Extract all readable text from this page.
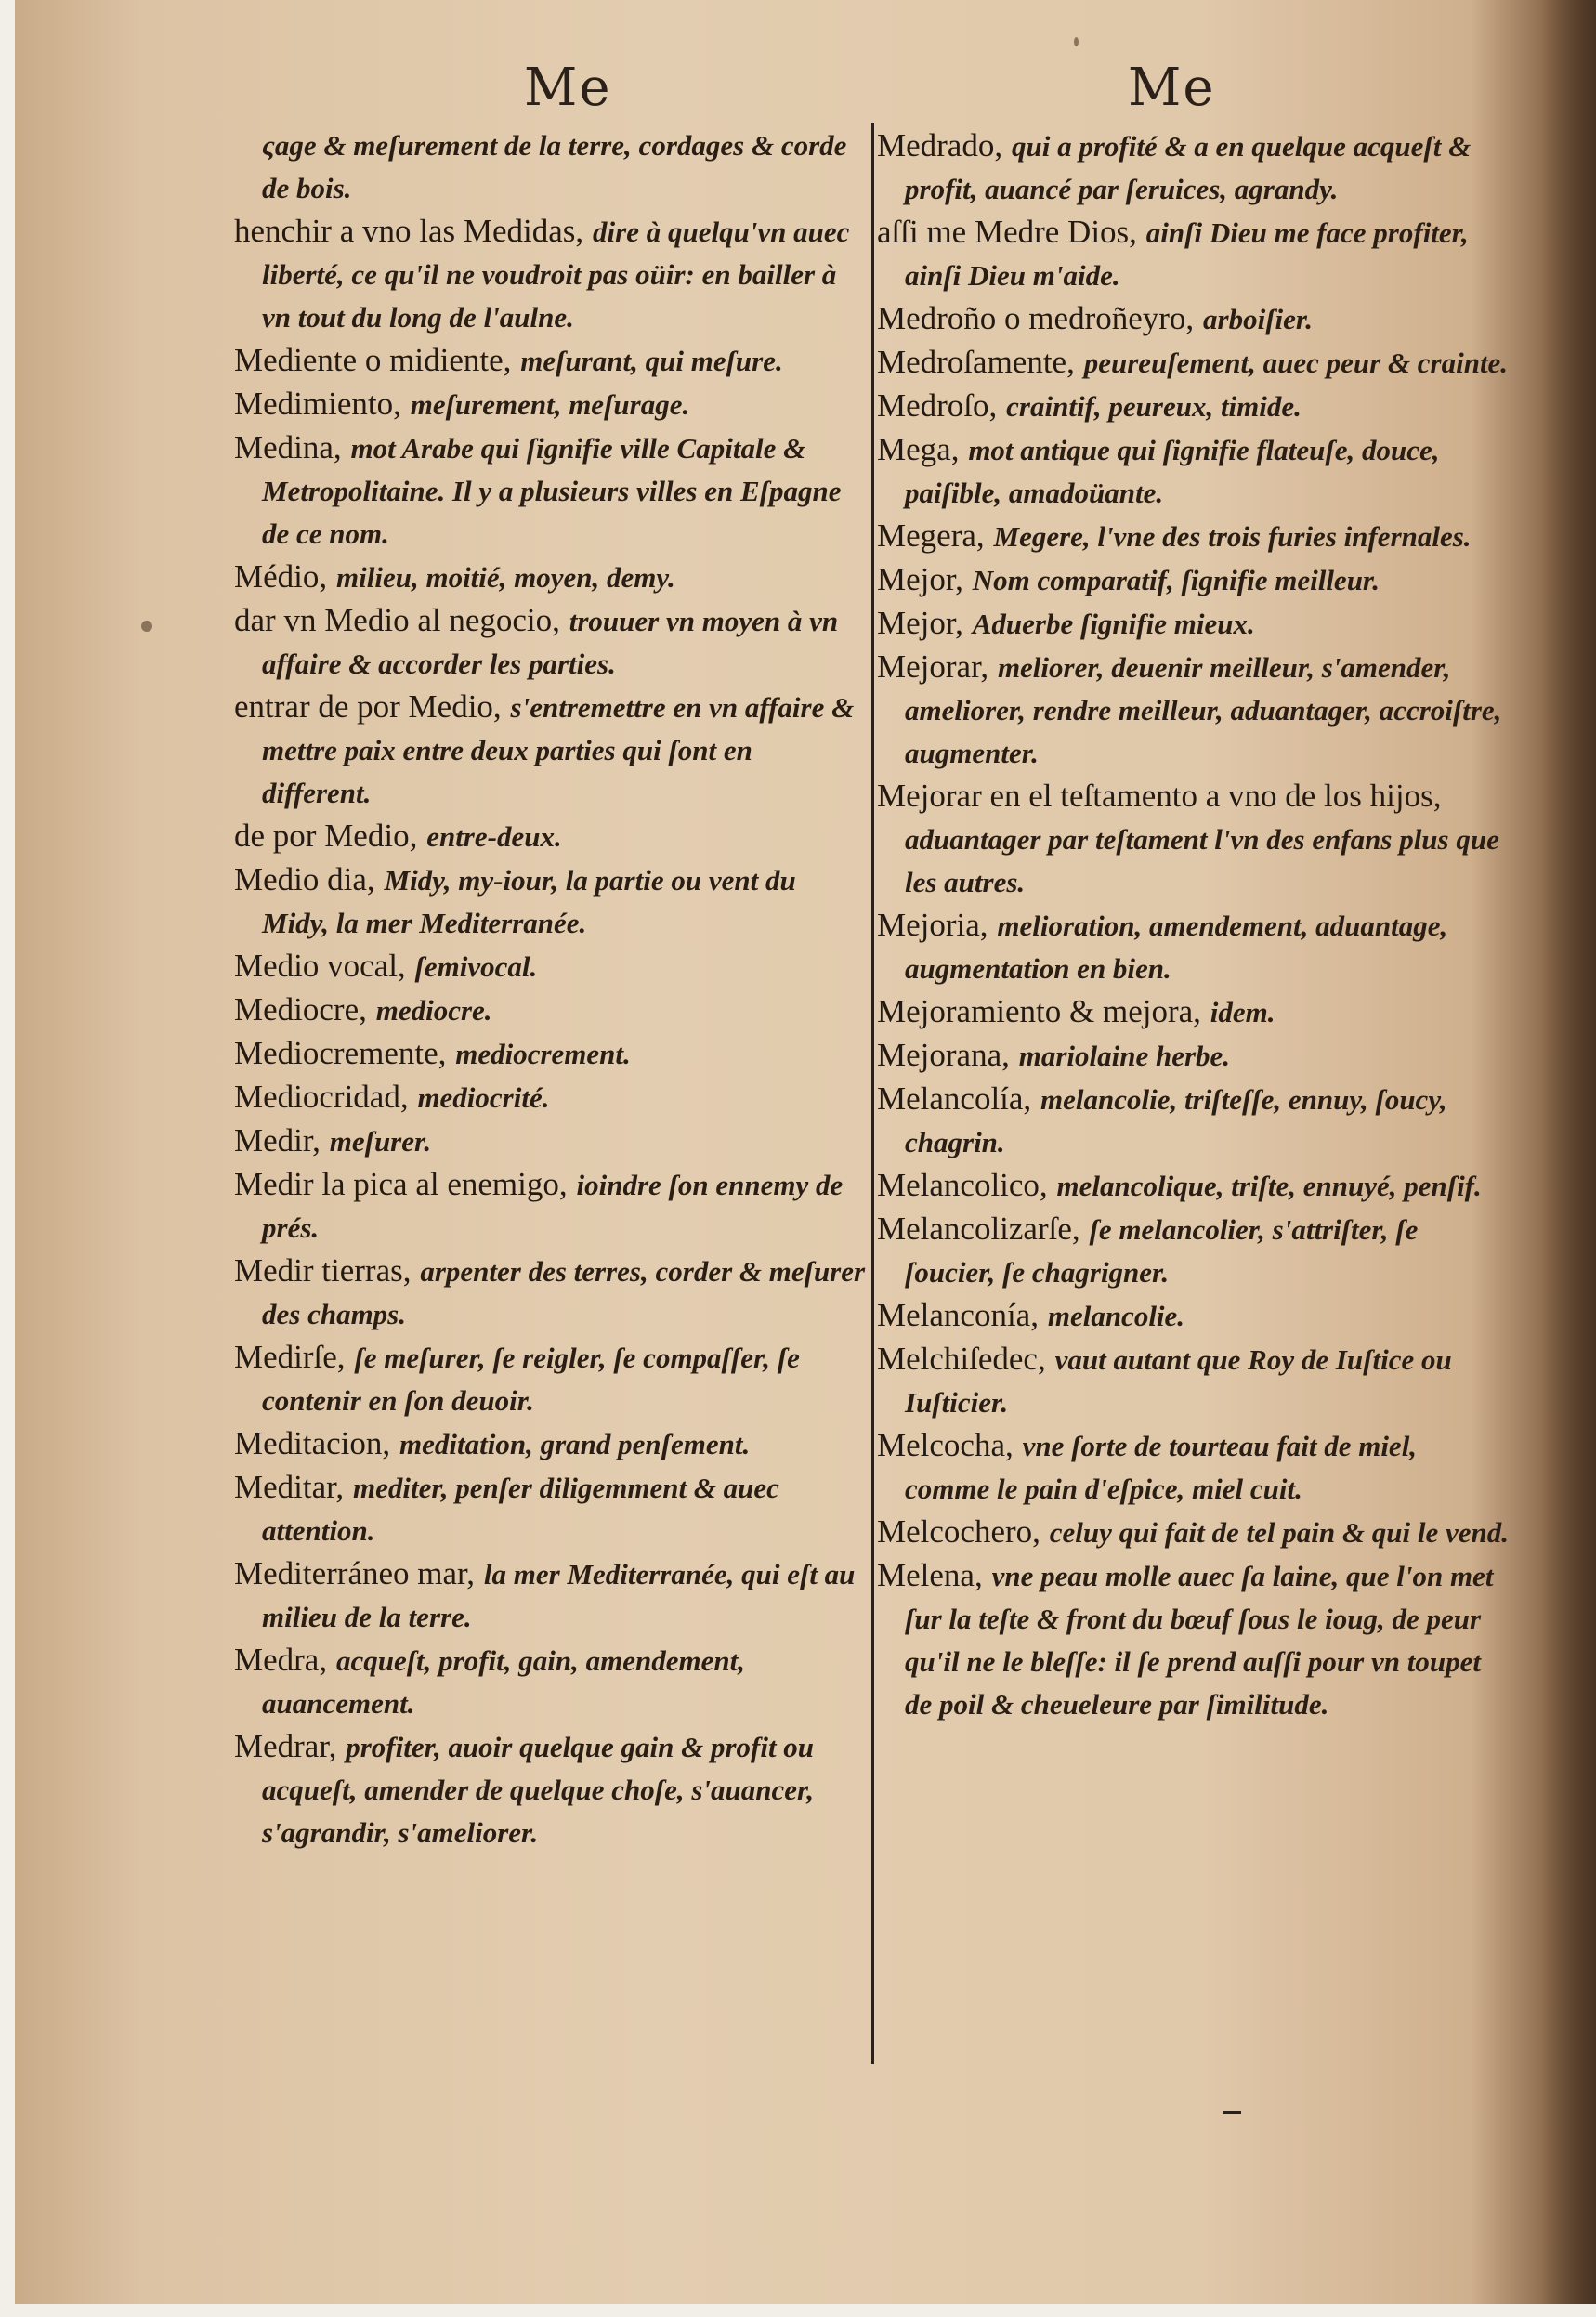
Me	Me

ςage & meſurement de la terre, cordages & corde de bois.

henchir a vno las Medidas, dire à quelqu'vn auec liberté, ce qu'il ne voudroit pas oüir: en bailler à vn tout du long de l'aulne.

Mediente o midiente, meſurant, qui meſure.

Medimiento, meſurement, meſurage.

Medina, mot Arabe qui ſignifie ville Capitale & Metropolitaine. Il y a plusieurs villes en Eſpagne de ce nom.

Médio, milieu, moitié, moyen, demy.

dar vn Medio al negocio, trouuer vn moyen à vn affaire & accorder les parties.

entrar de por Medio, s'entremettre en vn affaire & mettre paix entre deux parties qui ſont en different.

de por Medio, entre-deux.

Medio dia, Midy, my-iour, la partie ou vent du Midy, la mer Mediterranée.

Medio vocal, ſemivocal.

Mediocre, mediocre.

Mediocremente, mediocrement.

Mediocridad, mediocrité.

Medir, meſurer.

Medir la pica al enemigo, ioindre ſon ennemy de prés.

Medir tierras, arpenter des terres, corder & meſurer des champs.

Medirſe, ſe meſurer, ſe reigler, ſe compaſſer, ſe contenir en ſon deuoir.

Meditacion, meditation, grand penſement.

Meditar, mediter, penſer diligemment & auec attention.

Mediterráneo mar, la mer Mediterranée, qui eſt au milieu de la terre.

Medra, acqueſt, profit, gain, amendement, auancement.

Medrar, profiter, auoir quelque gain & profit ou acqueſt, amender de quelque choſe, s'auancer, s'agrandir, s'ameliorer.

Medrado, qui a profité & a en quelque acqueſt & profit, auancé par ſeruices, agrandy.

aſſi me Medre Dios, ainſi Dieu me face profiter, ainſi Dieu m'aide.

Medroño o medroñeyro, arboiſier.

Medroſamente, peureuſement, auec peur & crainte.

Medroſo, craintif, peureux, timide.

Mega, mot antique qui ſignifie flateuſe, douce, paiſible, amadoüante.

Megera, Megere, l'vne des trois furies infernales.

Mejor, Nom comparatif, ſignifie meilleur.

Mejor, Aduerbe ſignifie mieux.

Mejorar, meliorer, deuenir meilleur, s'amender, ameliorer, rendre meilleur, aduantager, accroiſtre, augmenter.

Mejorar en el teſtamento a vno de los hijos, aduantager par teſtament l'vn des enfans plus que les autres.

Mejoria, melioration, amendement, aduantage, augmentation en bien.

Mejoramiento & mejora, idem.

Mejorana, mariolaine herbe.

Melancolía, melancolie, triſteſſe, ennuy, ſoucy, chagrin.

Melancolico, melancolique, triſte, ennuyé, penſif.

Melancolizarſe, ſe melancolier, s'attriſter, ſe ſoucier, ſe chagrigner.

Melanconía, melancolie.

Melchiſedec, vaut autant que Roy de Iuſtice ou Iuſticier.

Melcocha, vne ſorte de tourteau fait de miel, comme le pain d'eſpice, miel cuit.

Melcochero, celuy qui fait de tel pain & qui le vend.

Melena, vne peau molle auec ſa laine, que l'on met ſur la teſte & front du bœuf ſous le ioug, de peur qu'il ne le bleſſe: il ſe prend auſſi pour vn toupet de poil & cheueleure par ſimilitude.
